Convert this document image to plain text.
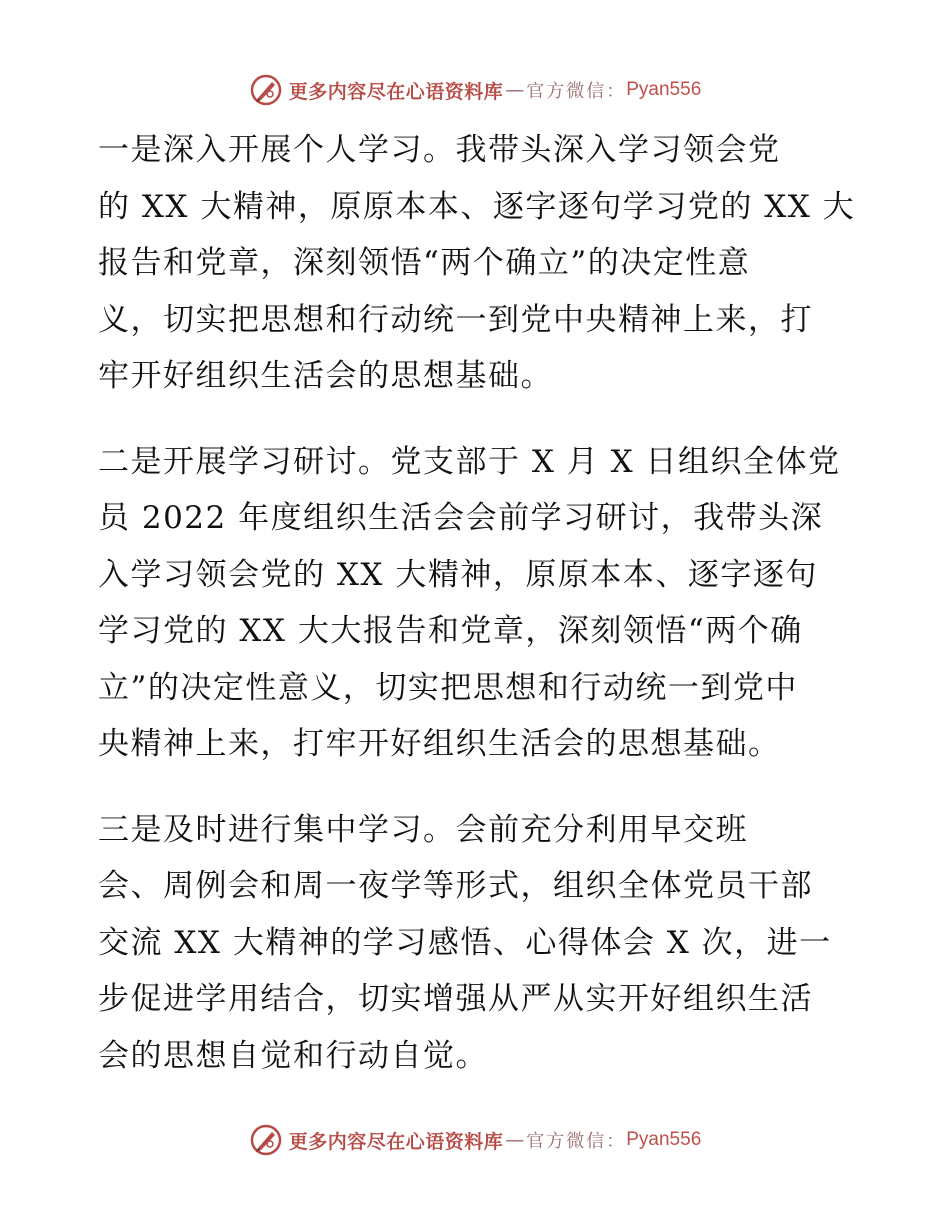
更多内容尽在心语资料库 — 官方微信： Pyan556

一是深入开展个人学习。我带头深入学习领会党
的 XX 大精神，原原本本、逐字逐句学习党的 XX 大
报告和党章，深刻领悟“两个确立”的决定性意
义，切实把思想和行动统一到党中央精神上来，打
牢开好组织生活会的思想基础。

二是开展学习研讨。党支部于 X 月 X 日组织全体党
员 2022 年度组织生活会会前学习研讨，我带头深
入学习领会党的 XX 大精神，原原本本、逐字逐句
学习党的 XX 大大报告和党章，深刻领悟“两个确
立”的决定性意义，切实把思想和行动统一到党中
央精神上来，打牢开好组织生活会的思想基础。

三是及时进行集中学习。会前充分利用早交班
会、周例会和周一夜学等形式，组织全体党员干部
交流 XX 大精神的学习感悟、心得体会 X 次，进一
步促进学用结合，切实增强从严从实开好组织生活
会的思想自觉和行动自觉。

更多内容尽在心语资料库 — 官方微信： Pyan556
